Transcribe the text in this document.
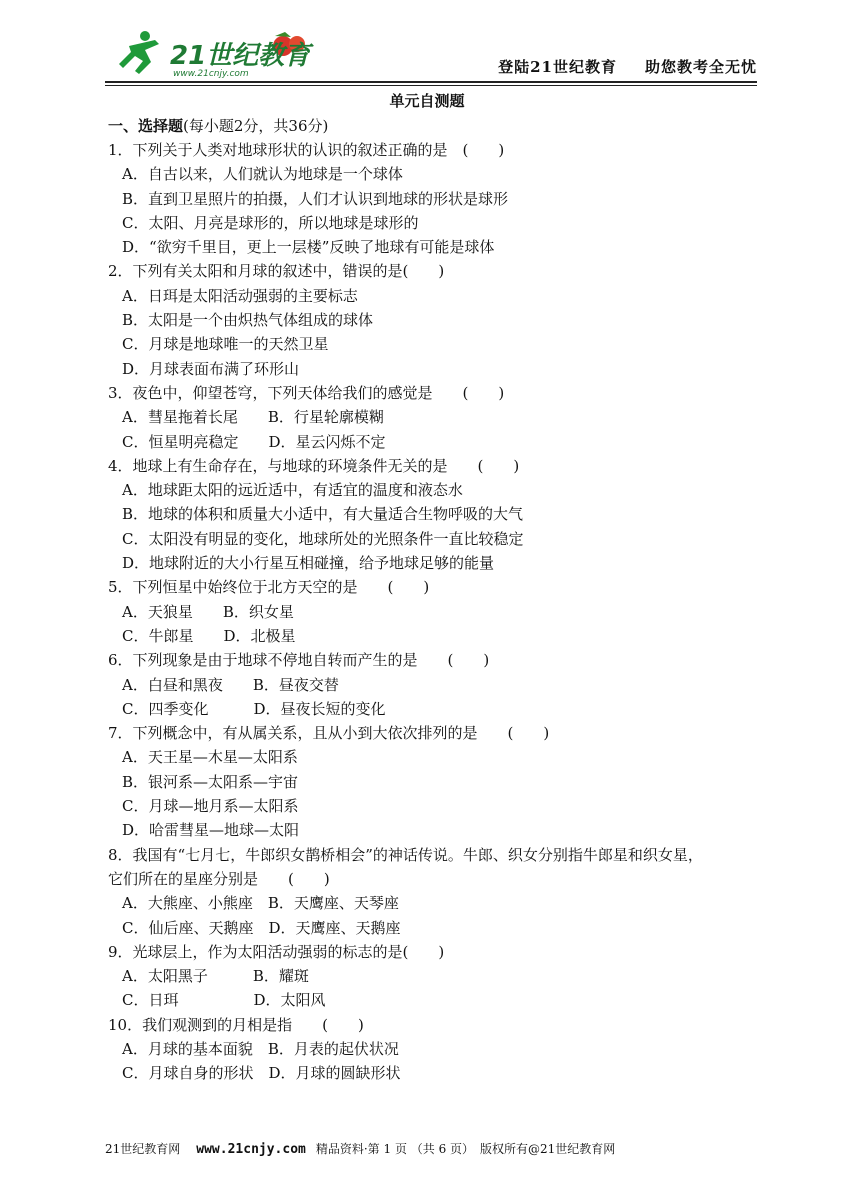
21世纪教育
www.21cnjy.com	登陆21世纪教育 助您教考全无忧
单元自测题
一、选择题(每小题2分，共36分)
1．下列关于人类对地球形状的认识的叙述正确的是　(　　)
A．自古以来，人们就认为地球是一个球体
B．直到卫星照片的拍摄，人们才认识到地球的形状是球形
C．太阳、月亮是球形的，所以地球是球形的
D．“欲穷千里目，更上一层楼”反映了地球有可能是球体
2．下列有关太阳和月球的叙述中，错误的是(　　)
A．日珥是太阳活动强弱的主要标志
B．太阳是一个由炽热气体组成的球体
C．月球是地球唯一的天然卫星
D．月球表面布满了环形山
3．夜色中，仰望苍穹，下列天体给我们的感觉是　　(　　)
A．彗星拖着长尾　　B．行星轮廓模糊
C．恒星明亮稳定　　D．星云闪烁不定
4．地球上有生命存在，与地球的环境条件无关的是　　(　　)
A．地球距太阳的远近适中，有适宜的温度和液态水
B．地球的体积和质量大小适中，有大量适合生物呼吸的大气
C．太阳没有明显的变化，地球所处的光照条件一直比较稳定
D．地球附近的大小行星互相碰撞，给予地球足够的能量
5．下列恒星中始终位于北方天空的是　　(　　)
A．天狼星　　B．织女星
C．牛郎星　　D．北极星
6．下列现象是由于地球不停地自转而产生的是　　(　　)
A．白昼和黑夜　　B．昼夜交替
C．四季变化　　　D．昼夜长短的变化
7．下列概念中，有从属关系，且从小到大依次排列的是　　(　　)
A．天王星—木星—太阳系
B．银河系—太阳系—宇宙
C．月球—地月系—太阳系
D．哈雷彗星—地球—太阳
8．我国有“七月七，牛郎织女鹊桥相会”的神话传说。牛郎、织女分别指牛郎星和织女星，
它们所在的星座分别是　　(　　)
A．大熊座、小熊座　B．天鹰座、天琴座
C．仙后座、天鹅座　D．天鹰座、天鹅座
9．光球层上，作为太阳活动强弱的标志的是(　　)
A．太阳黑子　　　B．耀斑
C．日珥　　　　　D．太阳风
10．我们观测到的月相是指　　(　　)
A．月球的基本面貌　B．月表的起伏状况
C．月球自身的形状　D．月球的圆缺形状
21世纪教育网 www.21cnjy.com 精品资料·第 1 页 （共 6 页） 版权所有@21世纪教育网
